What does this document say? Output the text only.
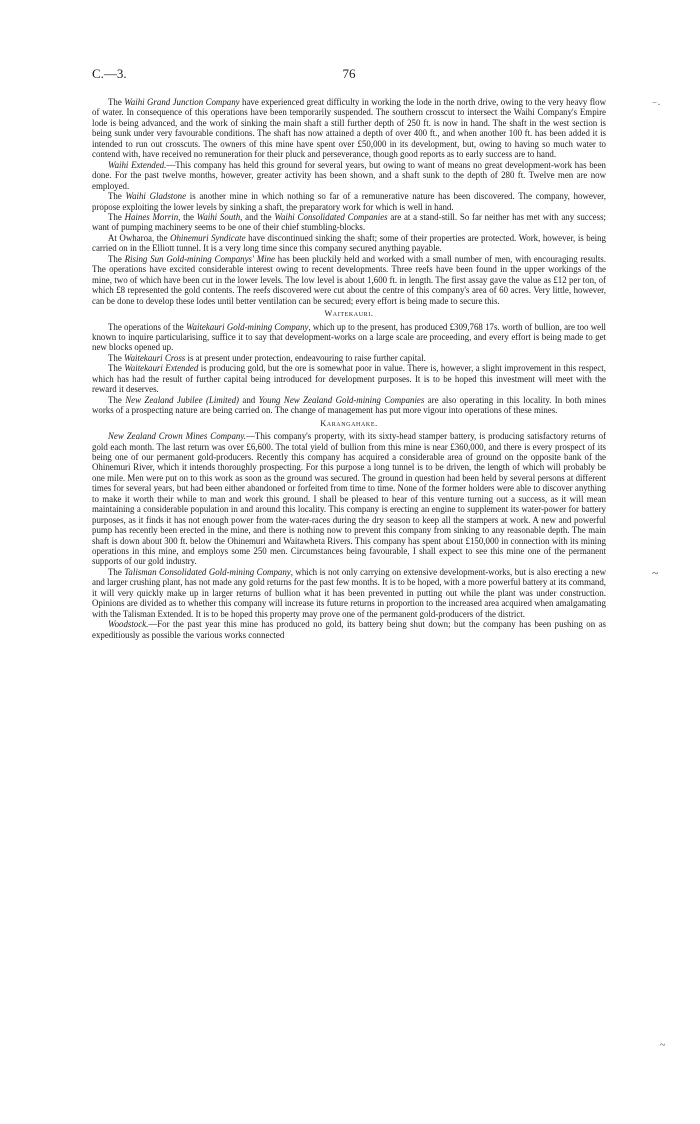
C.—3.	76

The Waihi Grand Junction Company have experienced great difficulty in working the lode in the north drive, owing to the very heavy flow of water. In consequence of this operations have been temporarily suspended. The southern crosscut to intersect the Waihi Company's Empire lode is being advanced, and the work of sinking the main shaft a still further depth of 250 ft. is now in hand. The shaft in the west section is being sunk under very favourable conditions. The shaft has now attained a depth of over 400 ft., and when another 100 ft. has been added it is intended to run out crosscuts. The owners of this mine have spent over £50,000 in its development, but, owing to having so much water to contend with, have received no remuneration for their pluck and perseverance, though good reports as to early success are to hand.

Waihi Extended.—This company has held this ground for several years, but owing to want of means no great development-work has been done. For the past twelve months, however, greater activity has been shown, and a shaft sunk to the depth of 280 ft. Twelve men are now employed.

The Waihi Gladstone is another mine in which nothing so far of a remunerative nature has been discovered. The company, however, propose exploiting the lower levels by sinking a shaft, the preparatory work for which is well in hand.

The Haines Morrin, the Waihi South, and the Waihi Consolidated Companies are at a stand-still. So far neither has met with any success; want of pumping machinery seems to be one of their chief stumbling-blocks.

At Owharoa, the Ohinemuri Syndicate have discontinued sinking the shaft; some of their properties are protected. Work, however, is being carried on in the Elliott tunnel. It is a very long time since this company secured anything payable.

The Rising Sun Gold-mining Companys' Mine has been pluckily held and worked with a small number of men, with encouraging results. The operations have excited considerable interest owing to recent developments. Three reefs have been found in the upper workings of the mine, two of which have been cut in the lower levels. The low level is about 1,600 ft. in length. The first assay gave the value as £12 per ton, of which £8 represented the gold contents. The reefs discovered were cut about the centre of this company's area of 60 acres. Very little, however, can be done to develop these lodes until better ventilation can be secured; every effort is being made to secure this.

Waitekauri.

The operations of the Waitekauri Gold-mining Company, which up to the present, has produced £309,768 17s. worth of bullion, are too well known to inquire particularising, suffice it to say that development-works on a large scale are proceeding, and every effort is being made to get new blocks opened up.

The Waitekauri Cross is at present under protection, endeavouring to raise further capital.

The Waitekauri Extended is producing gold, but the ore is somewhat poor in value. There is, however, a slight improvement in this respect, which has had the result of further capital being introduced for development purposes. It is to be hoped this investment will meet with the reward it deserves.

The New Zealand Jubilee (Limited) and Young New Zealand Gold-mining Companies are also operating in this locality. In both mines works of a prospecting nature are being carried on. The change of management has put more vigour into operations of these mines.

Karangahake.

New Zealand Crown Mines Company.—This company's property, with its sixty-head stamper battery, is producing satisfactory returns of gold each month. The last return was over £6,600. The total yield of bullion from this mine is near £360,000, and there is every prospect of its being one of our permanent gold-producers. Recently this company has acquired a considerable area of ground on the opposite bank of the Ohinemuri River, which it intends thoroughly prospecting. For this purpose a long tunnel is to be driven, the length of which will probably be one mile. Men were put on to this work as soon as the ground was secured. The ground in question had been held by several persons at different times for several years, but had been either abandoned or forfeited from time to time. None of the former holders were able to discover anything to make it worth their while to man and work this ground. I shall be pleased to hear of this venture turning out a success, as it will mean maintaining a considerable population in and around this locality. This company is erecting an engine to supplement its water-power for battery purposes, as it finds it has not enough power from the water-races during the dry season to keep all the stampers at work. A new and powerful pump has recently been erected in the mine, and there is nothing now to prevent this company from sinking to any reasonable depth. The main shaft is down about 300 ft. below the Ohinemuri and Waitawheta Rivers. This company has spent about £150,000 in connection with its mining operations in this mine, and employs some 250 men. Circumstances being favourable, I shall expect to see this mine one of the permanent supports of our gold industry.

The Talisman Consolidated Gold-mining Company, which is not only carrying on extensive development-works, but is also erecting a new and larger crushing plant, has not made any gold returns for the past few months. It is to be hoped, with a more powerful battery at its command, it will very quickly make up in larger returns of bullion what it has been prevented in putting out while the plant was under construction. Opinions are divided as to whether this company will increase its future returns in proportion to the increased area acquired when amalgamating with the Talisman Extended. It is to be hoped this property may prove one of the permanent gold-producers of the district.

Woodstock.—For the past year this mine has produced no gold, its battery being shut down; but the company has been pushing on as expeditiously as possible the various works connected

⁻·
~
~
